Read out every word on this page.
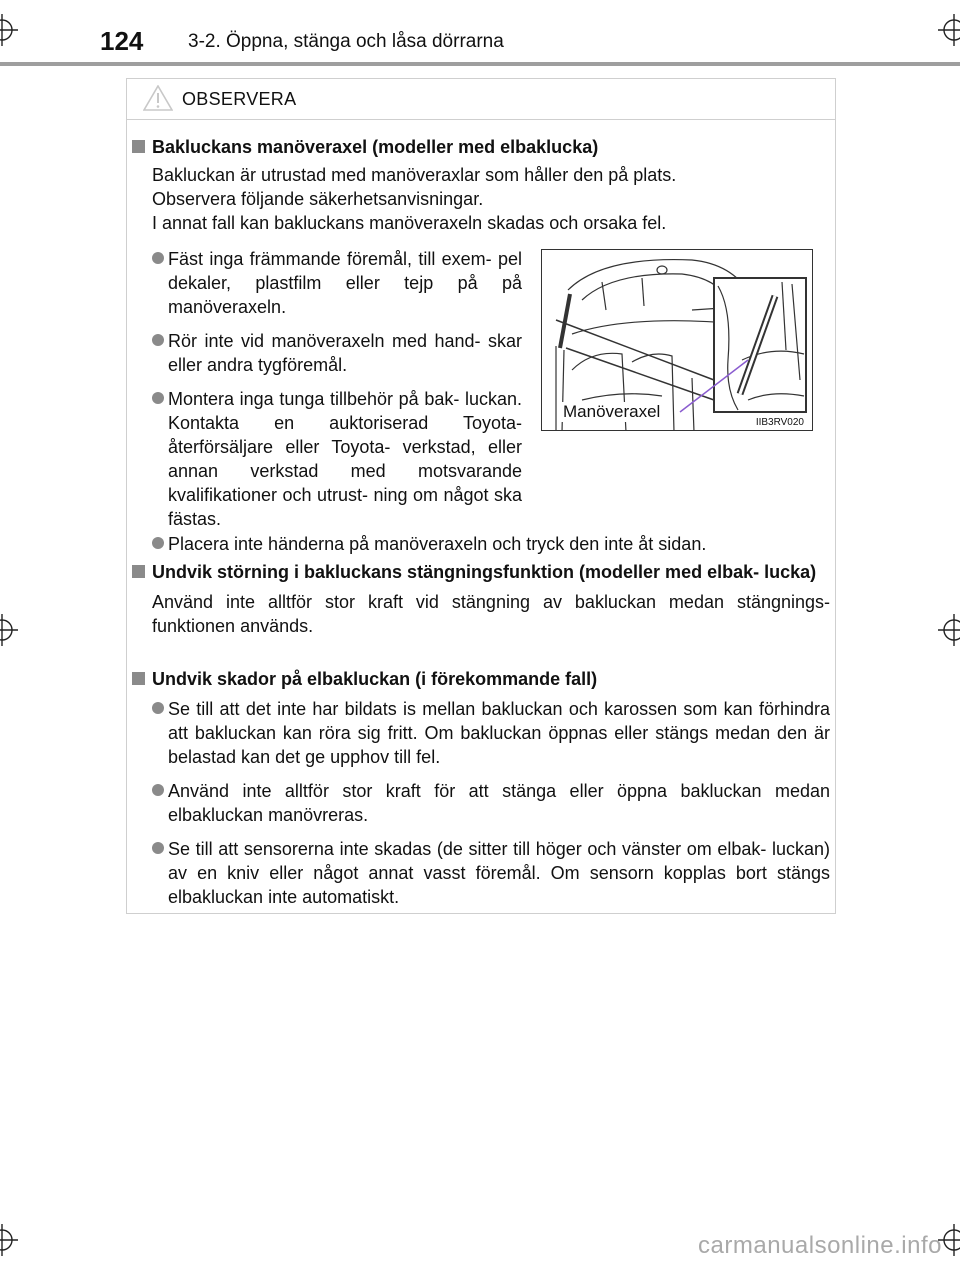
124 3-2. Öppna, stänga och låsa dörrarna
OBSERVERA
Bakluckans manöveraxel (modeller med elbaklucka)
Bakluckan är utrustad med manöveraxlar som håller den på plats.
Observera följande säkerhetsanvisningar.
I annat fall kan bakluckans manöveraxeln skadas och orsaka fel.
Fäst inga främmande föremål, till exem- pel dekaler, plastfilm eller tejp på på manöveraxeln.
Rör inte vid manöveraxeln med hand- skar eller andra tygföremål.
Montera inga tunga tillbehör på bak- luckan. Kontakta en auktoriserad Toyota-återförsäljare eller Toyota- verkstad, eller annan verkstad med motsvarande kvalifikationer och utrust- ning om något ska fästas.
Placera inte händerna på manöveraxeln och tryck den inte åt sidan.
Manöveraxel
IIB3RV020
Undvik störning i bakluckans stängningsfunktion (modeller med elbak- lucka)
Använd inte alltför stor kraft vid stängning av bakluckan medan stängnings- funktionen används.
Undvik skador på elbakluckan (i förekommande fall)
Se till att det inte har bildats is mellan bakluckan och karossen som kan förhindra att bakluckan kan röra sig fritt. Om bakluckan öppnas eller stängs medan den är belastad kan det ge upphov till fel.
Använd inte alltför stor kraft för att stänga eller öppna bakluckan medan elbakluckan manövreras.
Se till att sensorerna inte skadas (de sitter till höger och vänster om elbak- luckan) av en kniv eller något annat vasst föremål. Om sensorn kopplas bort stängs elbakluckan inte automatiskt.
carmanualsonline.info
